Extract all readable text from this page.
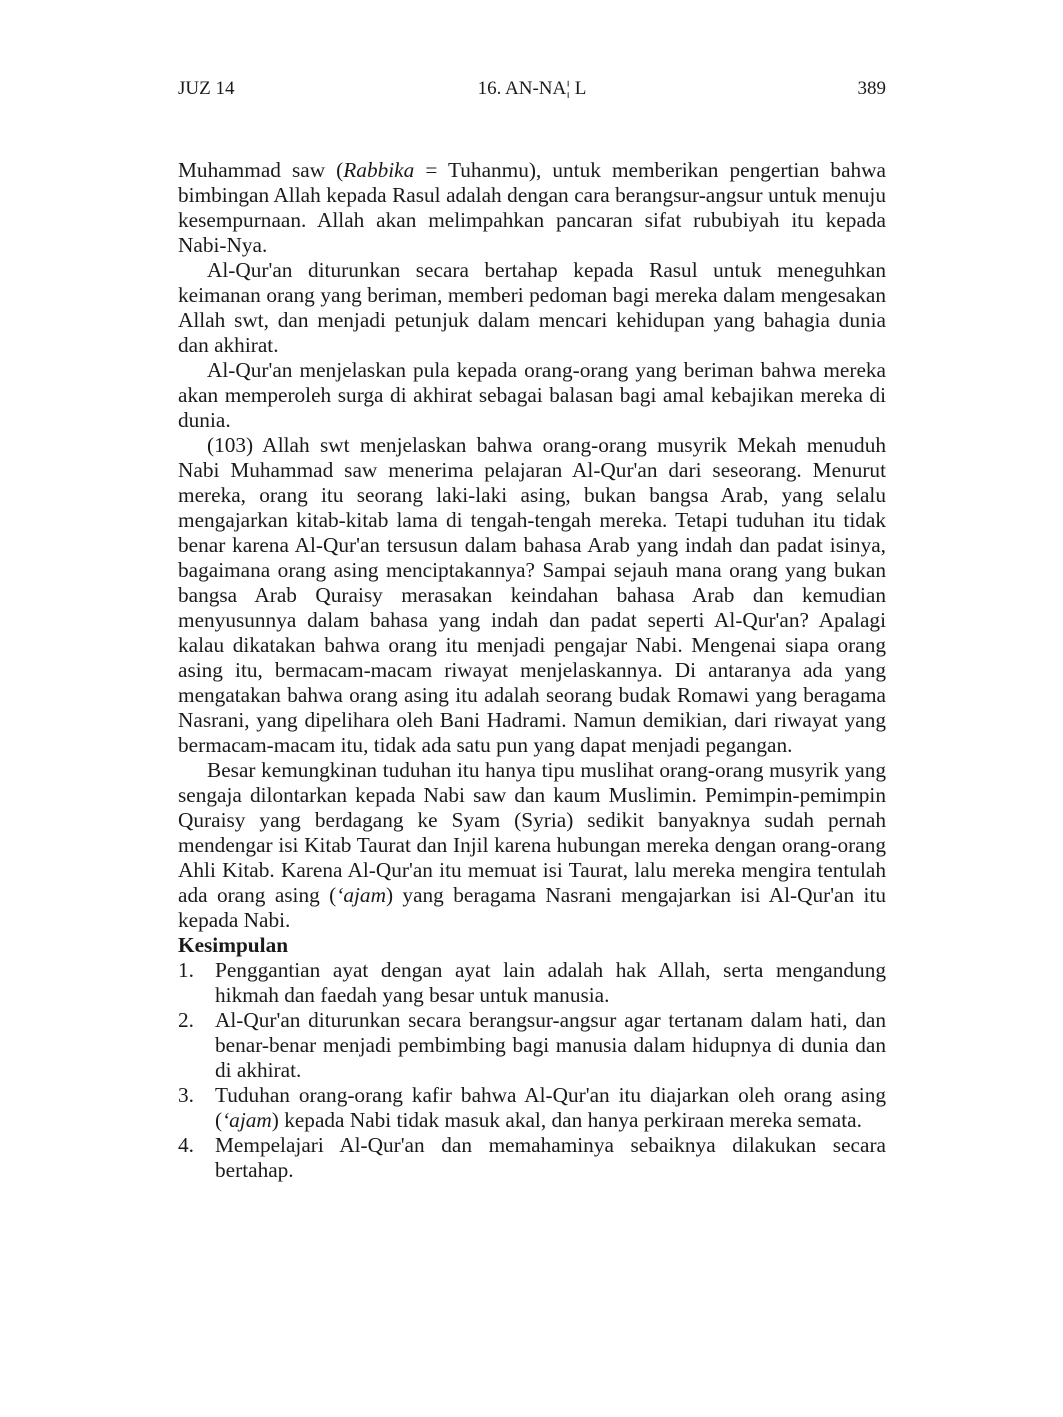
JUZ 14	16. AN-NA¦ L	389

Muhammad saw (Rabbika = Tuhanmu), untuk memberikan pengertian bahwa bimbingan Allah kepada Rasul adalah dengan cara berangsur-angsur untuk menuju kesempurnaan. Allah akan melimpahkan pancaran sifat rububiyah itu kepada Nabi-Nya.

Al-Qur'an diturunkan secara bertahap kepada Rasul untuk meneguhkan keimanan orang yang beriman, memberi pedoman bagi mereka dalam mengesakan Allah swt, dan menjadi petunjuk dalam mencari kehidupan yang bahagia dunia dan akhirat.

Al-Qur'an menjelaskan pula kepada orang-orang yang beriman bahwa mereka akan memperoleh surga di akhirat sebagai balasan bagi amal kebajikan mereka di dunia.

(103) Allah swt menjelaskan bahwa orang-orang musyrik Mekah menuduh Nabi Muhammad saw menerima pelajaran Al-Qur'an dari seseorang. Menurut mereka, orang itu seorang laki-laki asing, bukan bangsa Arab, yang selalu mengajarkan kitab-kitab lama di tengah-tengah mereka. Tetapi tuduhan itu tidak benar karena Al-Qur'an tersusun dalam bahasa Arab yang indah dan padat isinya, bagaimana orang asing menciptakannya? Sampai sejauh mana orang yang bukan bangsa Arab Quraisy merasakan keindahan bahasa Arab dan kemudian menyusunnya dalam bahasa yang indah dan padat seperti Al-Qur'an? Apalagi kalau dikatakan bahwa orang itu menjadi pengajar Nabi. Mengenai siapa orang asing itu, bermacam-macam riwayat menjelaskannya. Di antaranya ada yang mengatakan bahwa orang asing itu adalah seorang budak Romawi yang beragama Nasrani, yang dipelihara oleh Bani Hadrami. Namun demikian, dari riwayat yang bermacam-macam itu, tidak ada satu pun yang dapat menjadi pegangan.

Besar kemungkinan tuduhan itu hanya tipu muslihat orang-orang musyrik yang sengaja dilontarkan kepada Nabi saw dan kaum Muslimin. Pemimpin-pemimpin Quraisy yang berdagang ke Syam (Syria) sedikit banyaknya sudah pernah mendengar isi Kitab Taurat dan Injil karena hubungan mereka dengan orang-orang Ahli Kitab. Karena Al-Qur'an itu memuat isi Taurat, lalu mereka mengira tentulah ada orang asing (‘ajam) yang beragama Nasrani mengajarkan isi Al-Qur'an itu kepada Nabi.

Kesimpulan

1. Penggantian ayat dengan ayat lain adalah hak Allah, serta mengandung hikmah dan faedah yang besar untuk manusia.
2. Al-Qur'an diturunkan secara berangsur-angsur agar tertanam dalam hati, dan benar-benar menjadi pembimbing bagi manusia dalam hidupnya di dunia dan di akhirat.
3. Tuduhan orang-orang kafir bahwa Al-Qur'an itu diajarkan oleh orang asing (‘ajam) kepada Nabi tidak masuk akal, dan hanya perkiraan mereka semata.
4. Mempelajari Al-Qur'an dan memahaminya sebaiknya dilakukan secara bertahap.
